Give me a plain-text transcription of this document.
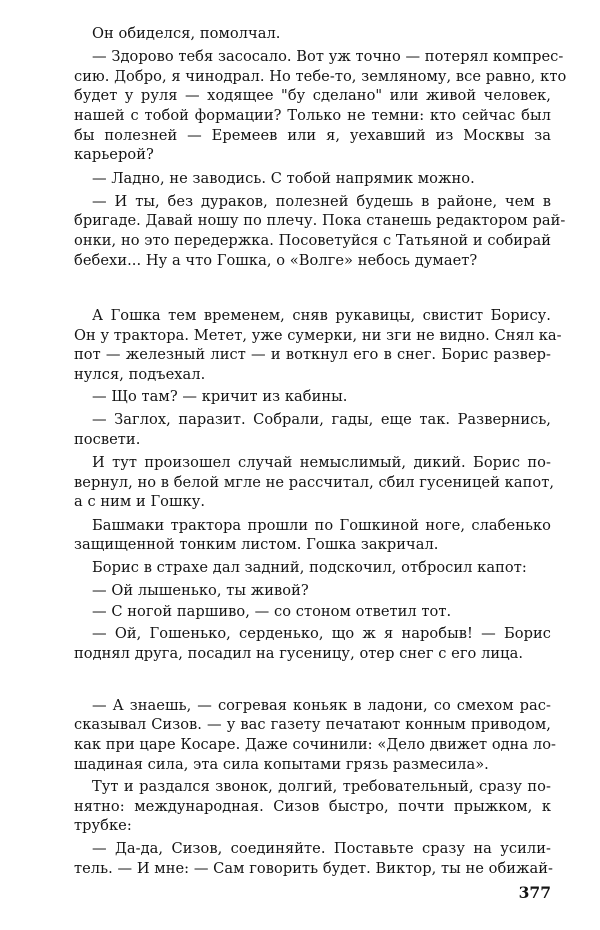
Он обиделся, помолчал.
— Здорово тебя засосало. Вот уж точно — потерял компрес-
сию. Добро, я чинодрал. Но тебе-то, земляному, все равно, кто
будет у руля — ходящее "бу сделано" или живой человек,
нашей с тобой формации? Только не темни: кто сейчас был
бы полезней — Еремеев или я, уехавший из Москвы за
карьерой?
— Ладно, не заводись. С тобой напрямик можно.
— И ты, без дураков, полезней будешь в районе, чем в
бригаде. Давай ношу по плечу. Пока станешь редактором рай-
онки, но это передержка. Посоветуйся с Татьяной и собирай
бебехи... Ну а что Гошка, о «Волге» небось думает?
А Гошка тем временем, сняв рукавицы, свистит Борису.
Он у трактора. Метет, уже сумерки, ни зги не видно. Снял ка-
пот — железный лист — и воткнул его в снег. Борис развер-
нулся, подъехал.
— Що там? — кричит из кабины.
— Заглох, паразит. Собрали, гады, еще так. Развернись,
посвети.
И тут произошел случай немыслимый, дикий. Борис по-
вернул, но в белой мгле не рассчитал, сбил гусеницей капот,
а с ним и Гошку.
Башмаки трактора прошли по Гошкиной ноге, слабенько
защищенной тонким листом. Гошка закричал.
Борис в страхе дал задний, подскочил, отбросил капот:
— Ой лышенько, ты живой?
— С ногой паршиво, — со стоном ответил тот.
— Ой, Гошенько, серденько, що ж я наробыв! — Борис
поднял друга, посадил на гусеницу, отер снег с его лица.
— А знаешь, — согревая коньяк в ладони, со смехом рас-
сказывал Сизов. — у вас газету печатают конным приводом,
как при царе Косаре. Даже сочинили: «Дело движет одна ло-
шадиная сила, эта сила копытами грязь размесила».
Тут и раздался звонок, долгий, требовательный, сразу по-
нятно: международная. Сизов быстро, почти прыжком, к
трубке:
— Да-да, Сизов, соединяйте. Поставьте сразу на усили-
тель. — И мне: — Сам говорить будет. Виктор, ты не обижай-
377
